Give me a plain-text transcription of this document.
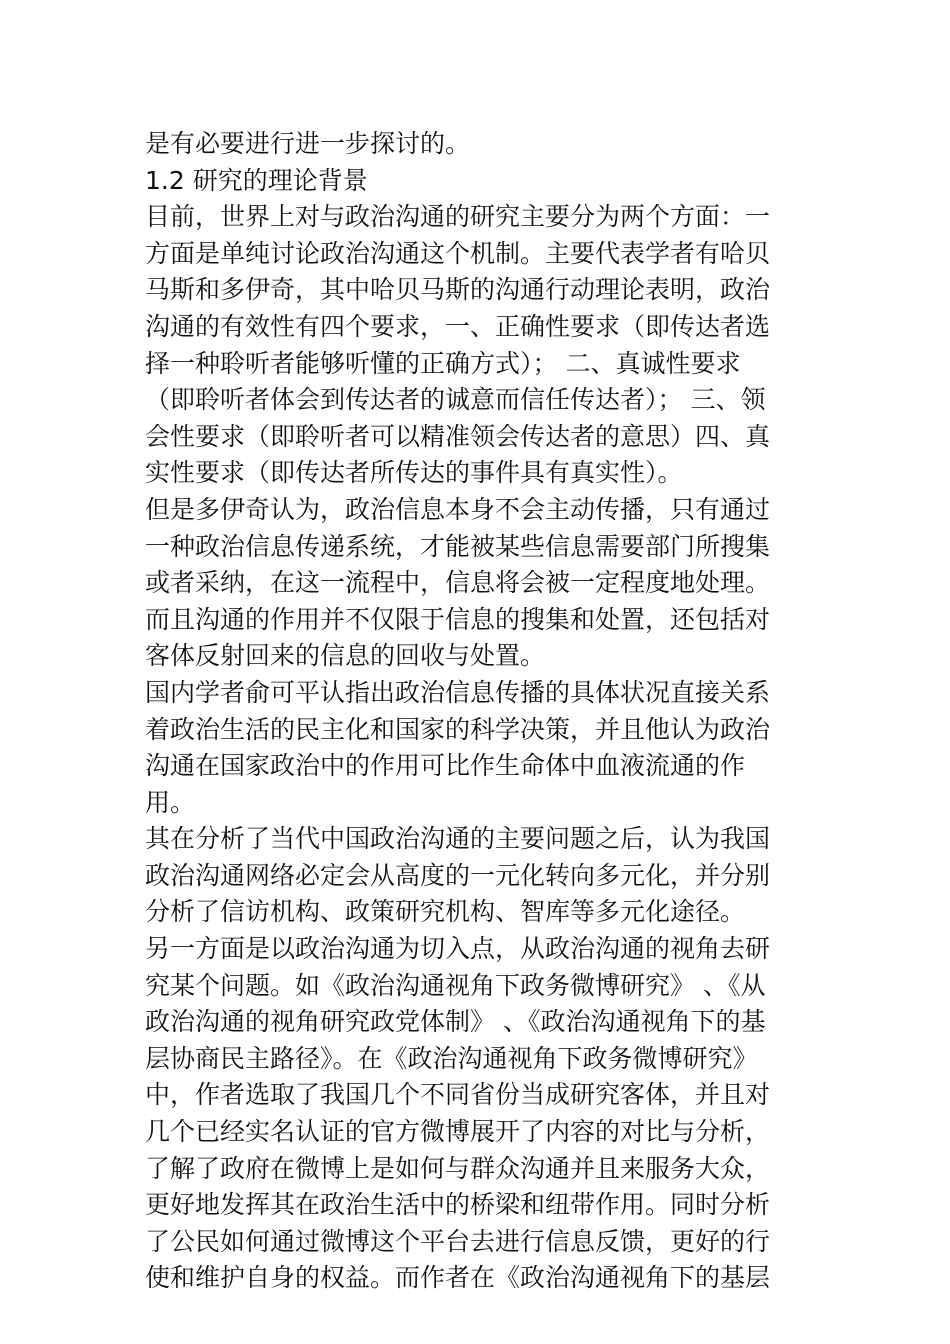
是有必要进行进一步探讨的。

1.2 研究的理论背景

目前，世界上对与政治沟通的研究主要分为两个方面：一
方面是单纯讨论政治沟通这个机制。主要代表学者有哈贝
马斯和多伊奇，其中哈贝马斯的沟通行动理论表明，政治
沟通的有效性有四个要求，一、正确性要求（即传达者选
择一种聆听者能够听懂的正确方式）； 二、真诚性要求
（即聆听者体会到传达者的诚意而信任传达者）； 三、领
会性要求（即聆听者可以精准领会传达者的意思）四、真
实性要求（即传达者所传达的事件具有真实性）。

但是多伊奇认为，政治信息本身不会主动传播，只有通过
一种政治信息传递系统，才能被某些信息需要部门所搜集
或者采纳，在这一流程中，信息将会被一定程度地处理。
而且沟通的作用并不仅限于信息的搜集和处置，还包括对
客体反射回来的信息的回收与处置。

国内学者俞可平认指出政治信息传播的具体状况直接关系
着政治生活的民主化和国家的科学决策，并且他认为政治
沟通在国家政治中的作用可比作生命体中血液流通的作
用。

其在分析了当代中国政治沟通的主要问题之后，认为我国
政治沟通网络必定会从高度的一元化转向多元化，并分别
分析了信访机构、政策研究机构、智库等多元化途径。

另一方面是以政治沟通为切入点，从政治沟通的视角去研
究某个问题。如《政治沟通视角下政务微博研究》 、《从
政治沟通的视角研究政党体制》 、《政治沟通视角下的基
层协商民主路径》。在《政治沟通视角下政务微博研究》
中，作者选取了我国几个不同省份当成研究客体，并且对
几个已经实名认证的官方微博展开了内容的对比与分析，
了解了政府在微博上是如何与群众沟通并且来服务大众，
更好地发挥其在政治生活中的桥梁和纽带作用。同时分析
了公民如何通过微博这个平台去进行信息反馈，更好的行
使和维护自身的权益。而作者在《政治沟通视角下的基层
